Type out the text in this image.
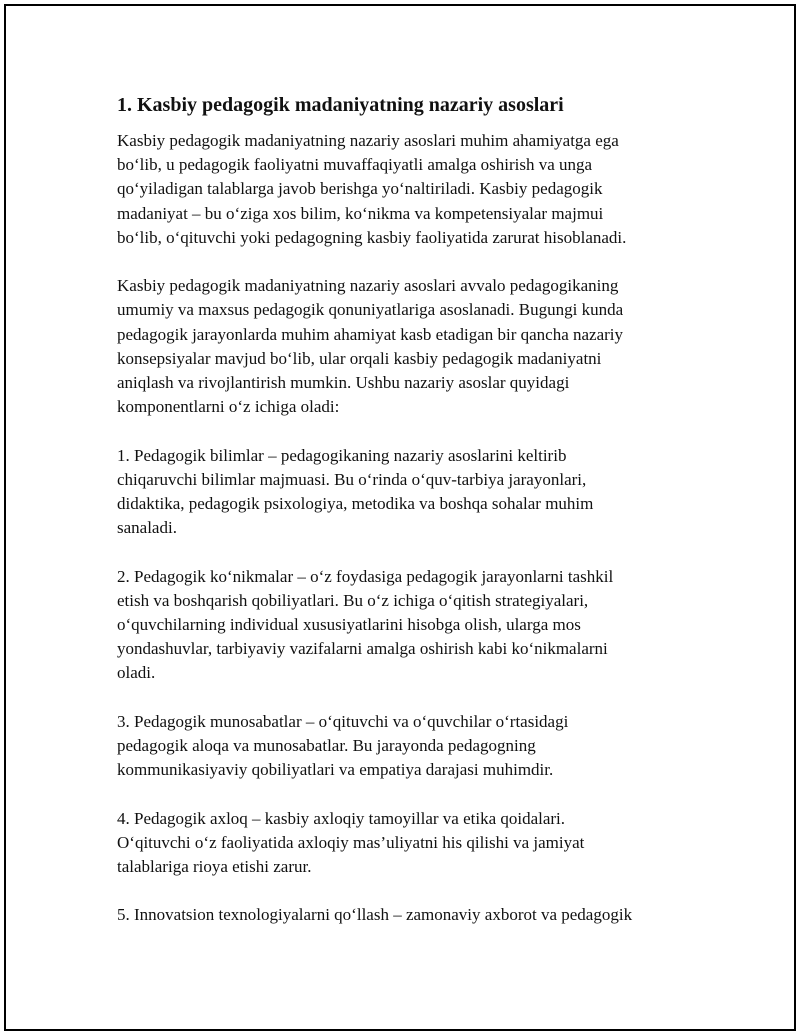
1. Kasbiy pedagogik madaniyatning nazariy asoslari
Kasbiy pedagogik madaniyatning nazariy asoslari muhim ahamiyatga ega
bo‘lib, u pedagogik faoliyatni muvaffaqiyatli amalga oshirish va unga
qo‘yiladigan talablarga javob berishga yo‘naltiriladi. Kasbiy pedagogik
madaniyat – bu o‘ziga xos bilim, ko‘nikma va kompetensiyalar majmui
bo‘lib, o‘qituvchi yoki pedagogning kasbiy faoliyatida zarurat hisoblanadi.
Kasbiy pedagogik madaniyatning nazariy asoslari avvalo pedagogikaning
umumiy va maxsus pedagogik qonuniyatlariga asoslanadi. Bugungi kunda
pedagogik jarayonlarda muhim ahamiyat kasb etadigan bir qancha nazariy
konsepsiyalar mavjud bo‘lib, ular orqali kasbiy pedagogik madaniyatni
aniqlash va rivojlantirish mumkin. Ushbu nazariy asoslar quyidagi
komponentlarni o‘z ichiga oladi:
1. Pedagogik bilimlar – pedagogikaning nazariy asoslarini keltirib
chiqaruvchi bilimlar majmuasi. Bu o‘rinda o‘quv-tarbiya jarayonlari,
didaktika, pedagogik psixologiya, metodika va boshqa sohalar muhim
sanaladi.
2. Pedagogik ko‘nikmalar – o‘z foydasiga pedagogik jarayonlarni tashkil
etish va boshqarish qobiliyatlari. Bu o‘z ichiga o‘qitish strategiyalari,
o‘quvchilarning individual xususiyatlarini hisobga olish, ularga mos
yondashuvlar, tarbiyaviy vazifalarni amalga oshirish kabi ko‘nikmalarni
oladi.
3. Pedagogik munosabatlar – o‘qituvchi va o‘quvchilar o‘rtasidagi
pedagogik aloqa va munosabatlar. Bu jarayonda pedagogning
kommunikasiyaviy qobiliyatlari va empatiya darajasi muhimdir.
4. Pedagogik axloq – kasbiy axloqiy tamoyillar va etika qoidalari.
O‘qituvchi o‘z faoliyatida axloqiy mas’uliyatni his qilishi va jamiyat
talablariga rioya etishi zarur.
5. Innovatsion texnologiyalarni qo‘llash – zamonaviy axborot va pedagogik
